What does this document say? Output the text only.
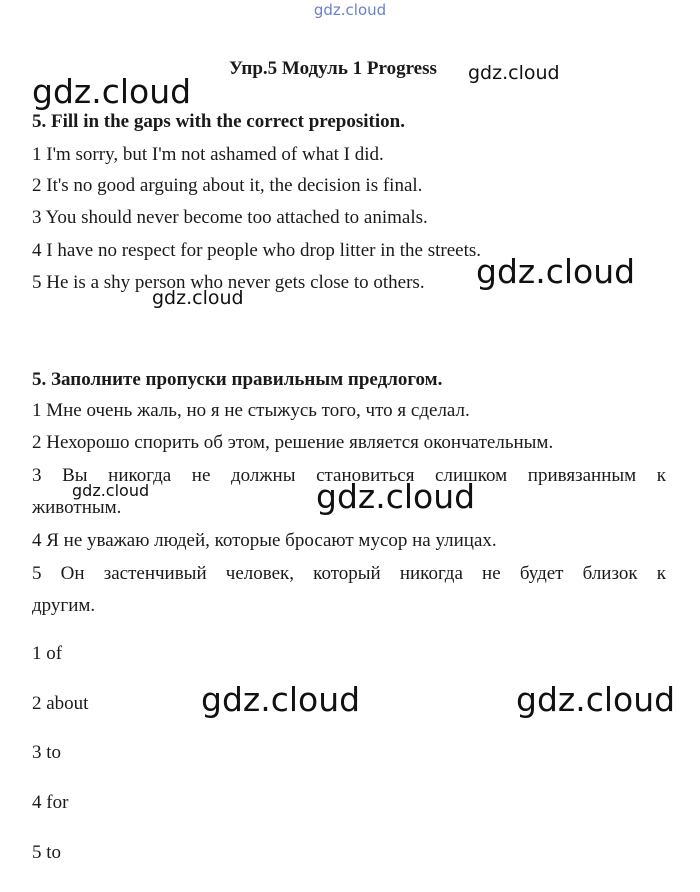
gdz.cloud
Упр.5 Модуль 1 Progress
5. Fill in the gaps with the correct preposition.
1 I'm sorry, but I'm not ashamed of what I did.
2 It's no good arguing about it, the decision is final.
3 You should never become too attached to animals.
4 I have no respect for people who drop litter in the streets.
5 He is a shy person who never gets close to others.
5. Заполните пропуски правильным предлогом.
1 Мне очень жаль, но я не стыжусь того, что я сделал.
2 Нехорошо спорить об этом, решение является окончательным.
3 Вы никогда не должны становиться слишком привязанным к
животным.
4 Я не уважаю людей, которые бросают мусор на улицах.
5 Он застенчивый человек, который никогда не будет близок к
другим.
1 of
2 about
3 to
4 for
5 to
gdz.cloud	gdz.cloud
gdz.cloud
gdz.cloud
gdz.cloud	gdz.cloud
gdz.cloud	gdz.cloud
